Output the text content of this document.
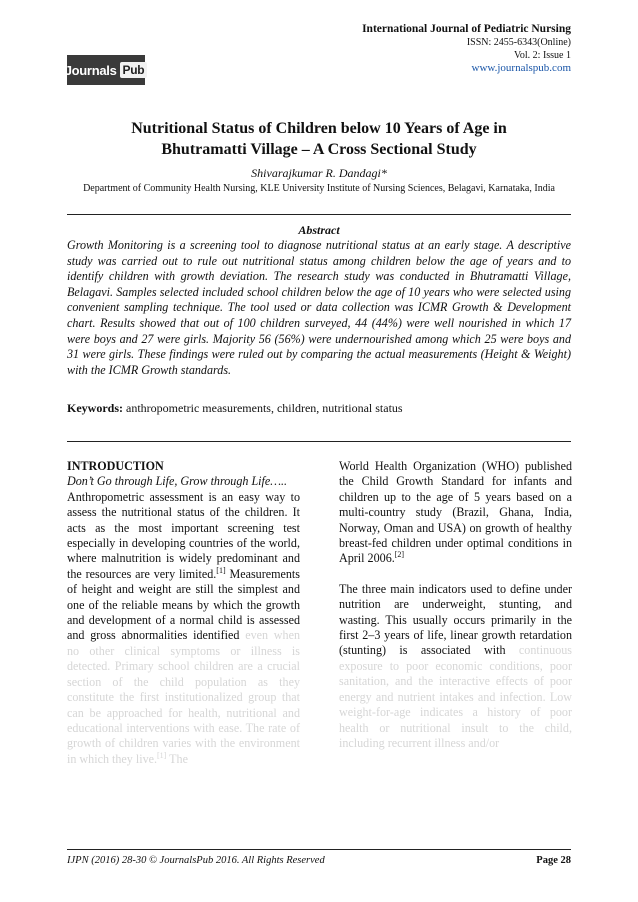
Journals Pub
International Journal of Pediatric Nursing
ISSN: 2455-6343(Online)
Vol. 2: Issue 1
www.journalspub.com
Nutritional Status of Children below 10 Years of Age in
Bhutramatti Village – A Cross Sectional Study
Shivarajkumar R. Dandagi*
Department of Community Health Nursing, KLE University Institute of Nursing Sciences, Belagavi, Karnataka, India
Abstract

Growth Monitoring is a screening tool to diagnose nutritional status at an early stage. A descriptive study was carried out to rule out nutritional status among children below the age of years and to identify children with growth deviation. The research study was conducted in Bhutramatti Village, Belagavi. Samples selected included school children below the age of 10 years who were selected using convenient sampling technique. The tool used or data collection was ICMR Growth & Development chart. Results showed that out of 100 children surveyed, 44 (44%) were well nourished in which 17 were boys and 27 were girls. Majority 56 (56%) were undernourished among which 25 were boys and 31 were girls. These findings were ruled out by comparing the actual measurements (Height & Weight) with the ICMR Growth standards.

Keywords: anthropometric measurements, children, nutritional status

INTRODUCTION

Don’t Go through Life, Grow through Life…..

Anthropometric assessment is an easy way to assess the nutritional status of the children. It acts as the most important screening test especially in developing countries of the world, where malnutrition is widely predominant and the resources are very limited.[1] Measurements of height and weight are still the simplest and one of the reliable means by which the growth and development of a normal child is assessed and gross abnormalities identified even when no other clinical symptoms or illness is detected. Primary school children are a crucial section of the child population as they constitute the first institutionalized group that can be approached for health, nutritional and educational interventions with ease. The rate of growth of children varies with the environment in which they live.[1] The

World Health Organization (WHO) published the Child Growth Standard for infants and children up to the age of 5 years based on a multi-country study (Brazil, Ghana, India, Norway, Oman and USA) on growth of healthy breast-fed children under optimal conditions in April 2006.[2]

The three main indicators used to define under nutrition are underweight, stunting, and wasting. This usually occurs primarily in the first 2–3 years of life, linear growth retardation (stunting) is associated with continuous exposure to poor economic conditions, poor sanitation, and the interactive effects of poor energy and nutrient intakes and infection. Low weight-for-age indicates a history of poor health or nutritional insult to the child, including recurrent illness and/or

IJPN (2016) 28-30 © JournalsPub 2016. All Rights Reserved	Page 28
